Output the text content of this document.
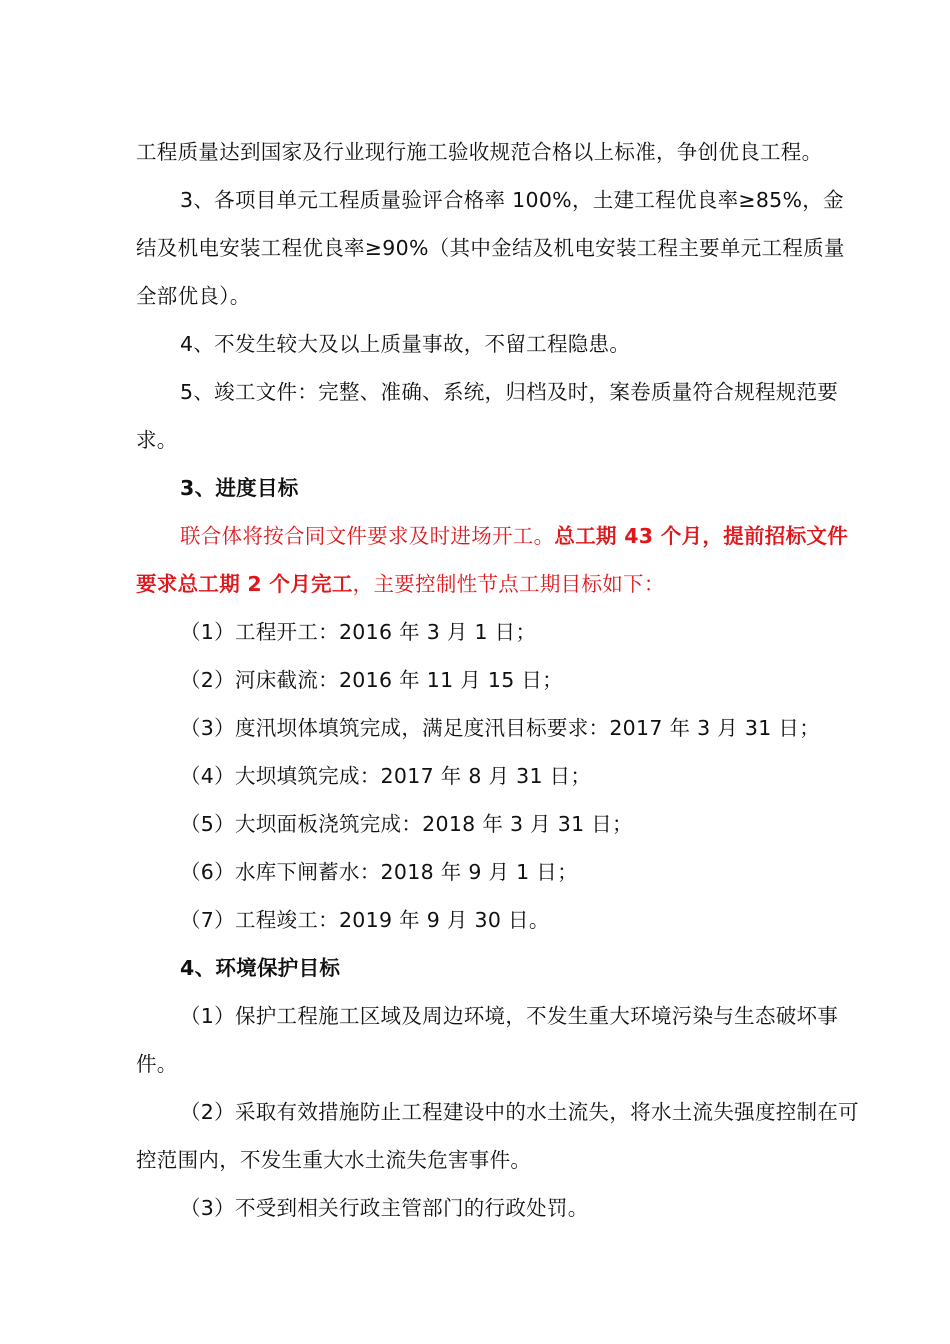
工程质量达到国家及行业现行施工验收规范合格以上标准，争创优良工程。

3、各项目单元工程质量验评合格率 100%，土建工程优良率≥85%，金结及机电安装工程优良率≥90%（其中金结及机电安装工程主要单元工程质量全部优良）。

4、不发生较大及以上质量事故，不留工程隐患。

5、竣工文件：完整、准确、系统，归档及时，案卷质量符合规程规范要求。

3、进度目标

联合体将按合同文件要求及时进场开工。总工期 43 个月，提前招标文件要求总工期 2 个月完工，主要控制性节点工期目标如下：

（1）工程开工：2016 年 3 月 1 日；

（2）河床截流：2016 年 11 月 15 日；

（3）度汛坝体填筑完成，满足度汛目标要求：2017 年 3 月 31 日；

（4）大坝填筑完成：2017 年 8 月 31 日；

（5）大坝面板浇筑完成：2018 年 3 月 31 日；

（6）水库下闸蓄水：2018 年 9 月 1 日；

（7）工程竣工：2019 年 9 月 30 日。

4、环境保护目标

（1）保护工程施工区域及周边环境，不发生重大环境污染与生态破坏事件。

（2）采取有效措施防止工程建设中的水土流失，将水土流失强度控制在可控范围内，不发生重大水土流失危害事件。

（3）不受到相关行政主管部门的行政处罚。
